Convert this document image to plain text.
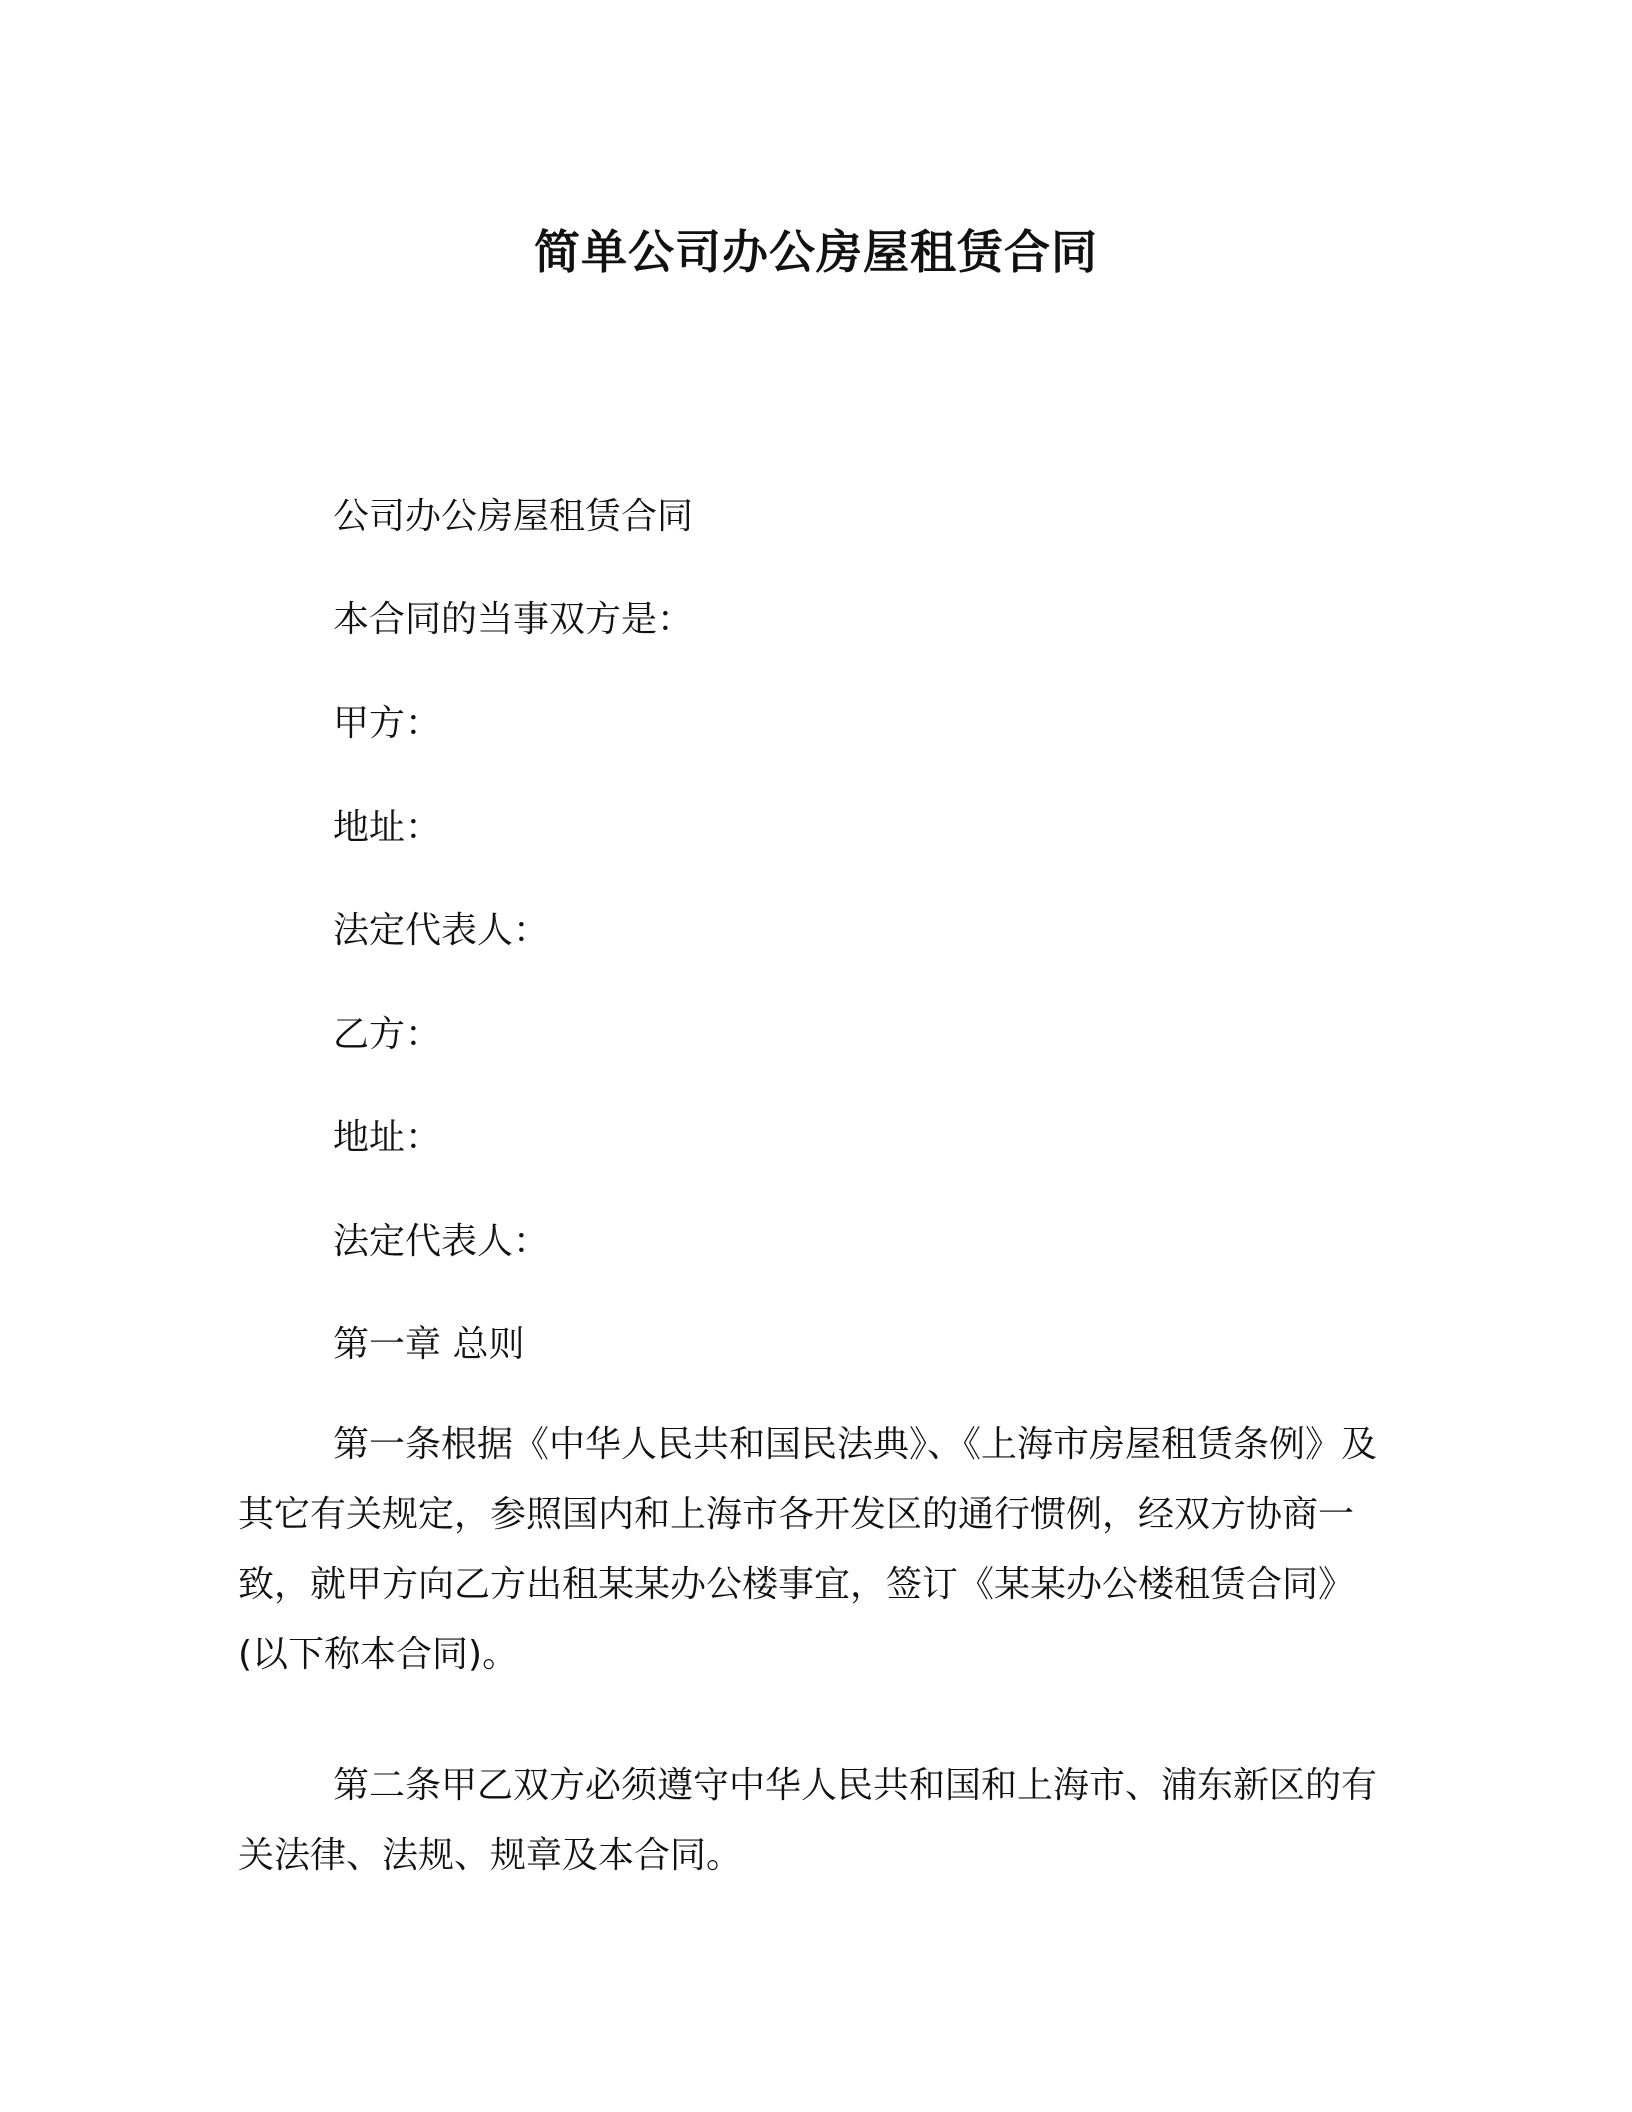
简单公司办公房屋租赁合同
公司办公房屋租赁合同
本合同的当事双方是：
甲方：
地址：
法定代表人：
乙方：
地址：
法定代表人：
第一章 总则
第一条根据《中华人民共和国民法典》、《上海市房屋租赁条例》及其它有关规定，参照国内和上海市各开发区的通行惯例，经双方协商一致，就甲方向乙方出租某某办公楼事宜，签订《某某办公楼租赁合同》(以下称本合同)。
第二条甲乙双方必须遵守中华人民共和国和上海市、浦东新区的有关法律、法规、规章及本合同。
